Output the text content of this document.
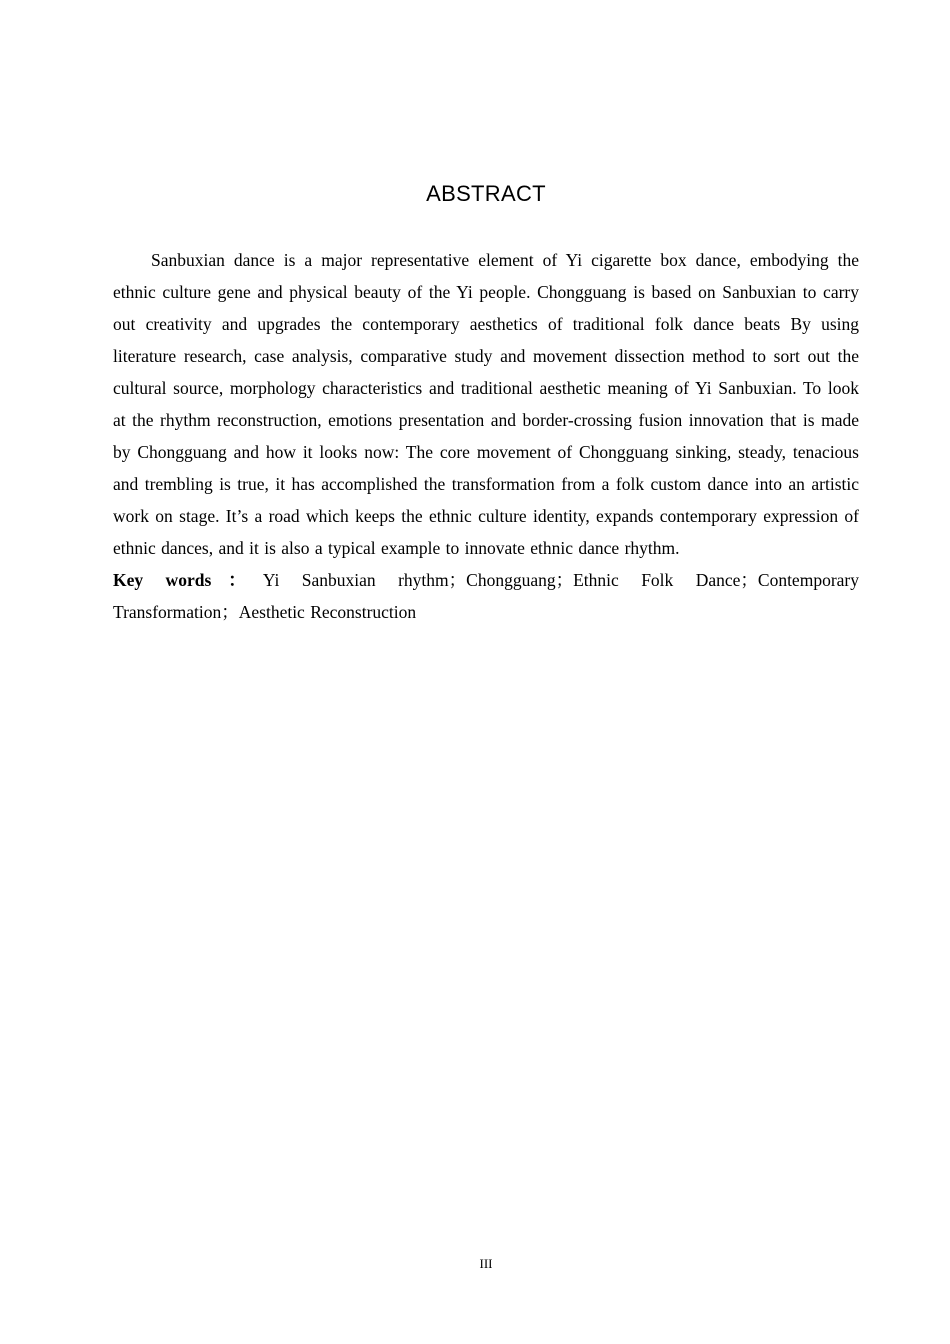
ABSTRACT

Sanbuxian dance is a major representative element of Yi cigarette box dance, embodying the ethnic culture gene and physical beauty of the Yi people. Chongguang is based on Sanbuxian to carry out creativity and upgrades the contemporary aesthetics of traditional folk dance beats By using literature research, case analysis, comparative study and movement dissection method to sort out the cultural source, morphology characteristics and traditional aesthetic meaning of Yi Sanbuxian. To look at the rhythm reconstruction, emotions presentation and border-crossing fusion innovation that is made by Chongguang and how it looks now: The core movement of Chongguang sinking, steady, tenacious and trembling is true, it has accomplished the transformation from a folk custom dance into an artistic work on stage. It’s a road which keeps the ethnic culture identity, expands contemporary expression of ethnic dances, and it is also a typical example to innovate ethnic dance rhythm.

Key words：Yi Sanbuxian rhythm；Chongguang；Ethnic Folk Dance；Contemporary Transformation；Aesthetic Reconstruction

III
